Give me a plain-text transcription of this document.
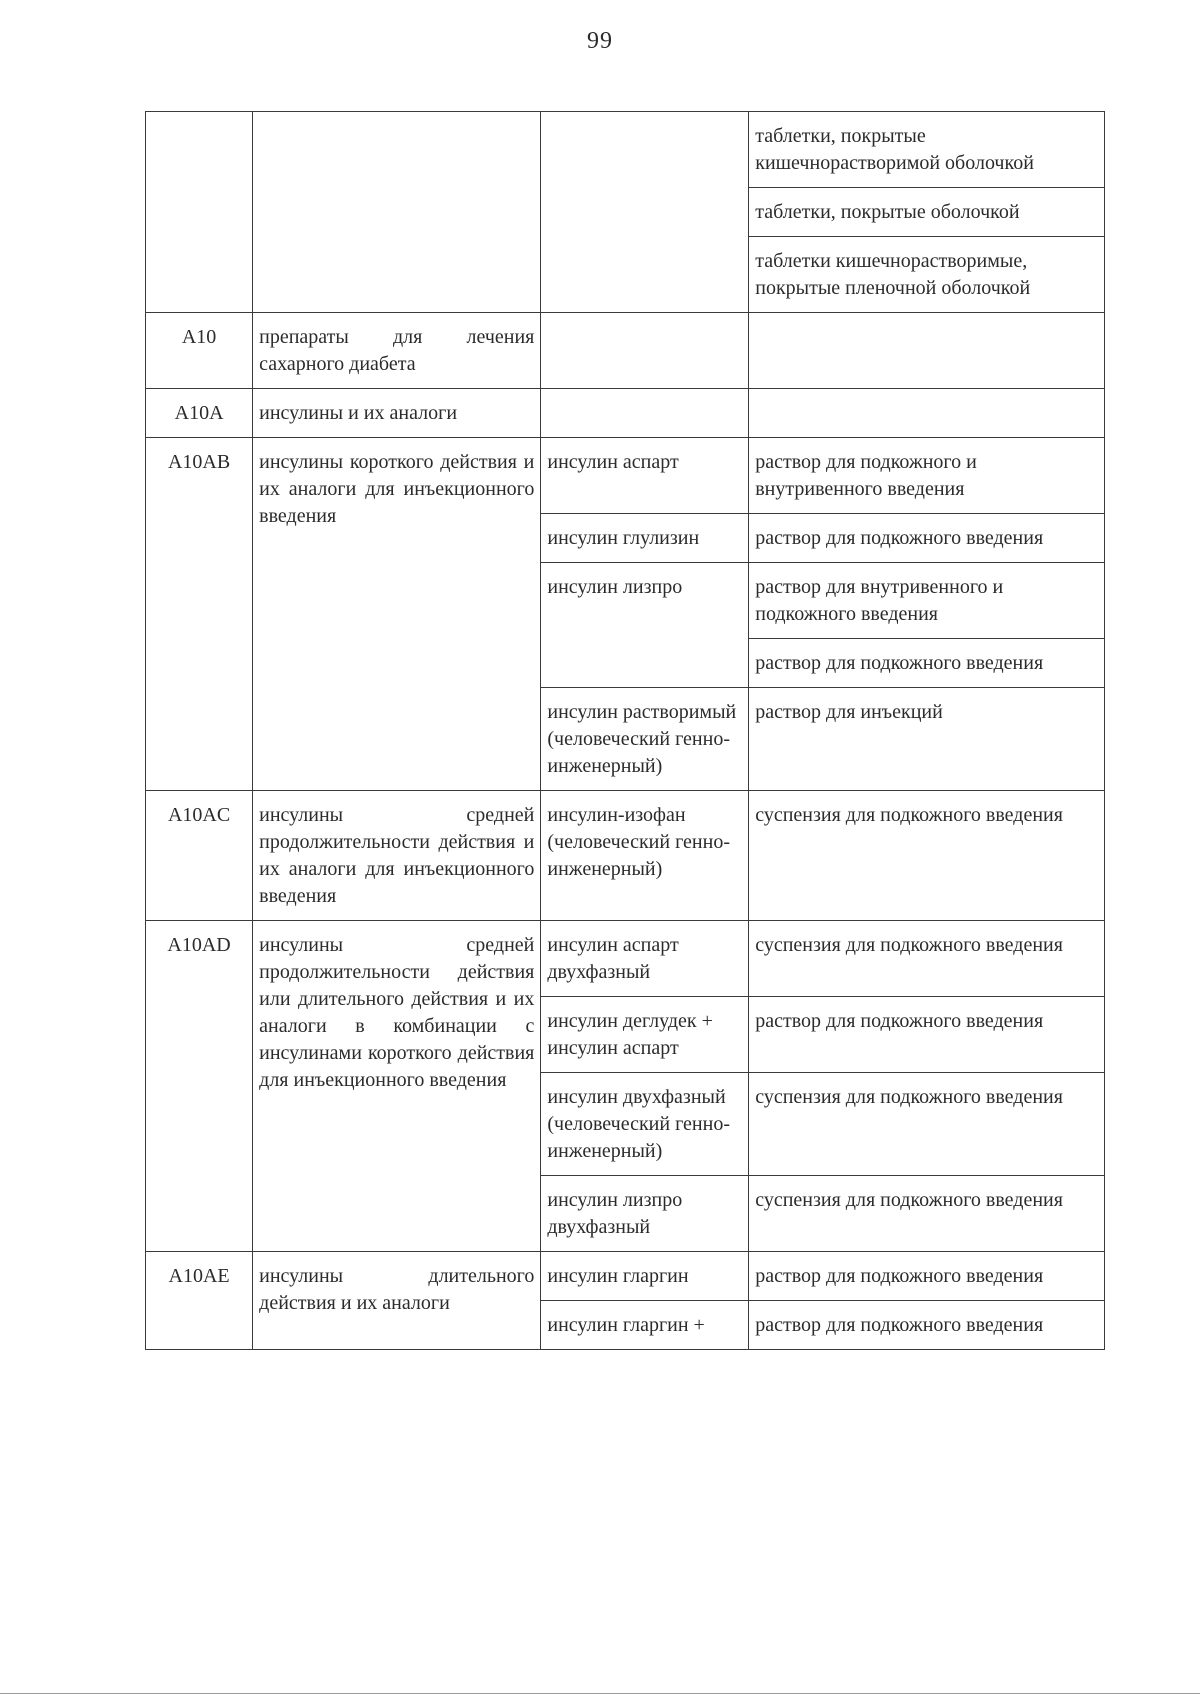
99
			таблетки, покрытые кишечнорастворимой оболочкой
			таблетки, покрытые оболочкой
			таблетки кишечнорастворимые, покрытые пленочной оболочкой
A10	препараты для лечения сахарного диабета		
A10A	инсулины и их аналоги		
A10AB	инсулины короткого действия и их аналоги для инъекционного введения	инсулин аспарт	раствор для подкожного и внутривенного введения
		инсулин глулизин	раствор для подкожного введения
		инсулин лизпро	раствор для внутривенного и подкожного введения
			раствор для подкожного введения
		инсулин растворимый (человеческий генно-инженерный)	раствор для инъекций
A10AC	инсулины средней продолжительности действия и их аналоги для инъекционного введения	инсулин-изофан (человеческий генно-инженерный)	суспензия для подкожного введения
A10AD	инсулины средней продолжительности действия или длительного действия и их аналоги в комбинации с инсулинами короткого действия для инъекционного введения	инсулин аспарт двухфазный	суспензия для подкожного введения
		инсулин деглудек + инсулин аспарт	раствор для подкожного введения
		инсулин двухфазный (человеческий генно-инженерный)	суспензия для подкожного введения
		инсулин лизпро двухфазный	суспензия для подкожного введения
A10AE	инсулины длительного действия и их аналоги	инсулин гларгин	раствор для подкожного введения
		инсулин гларгин +	раствор для подкожного введения
